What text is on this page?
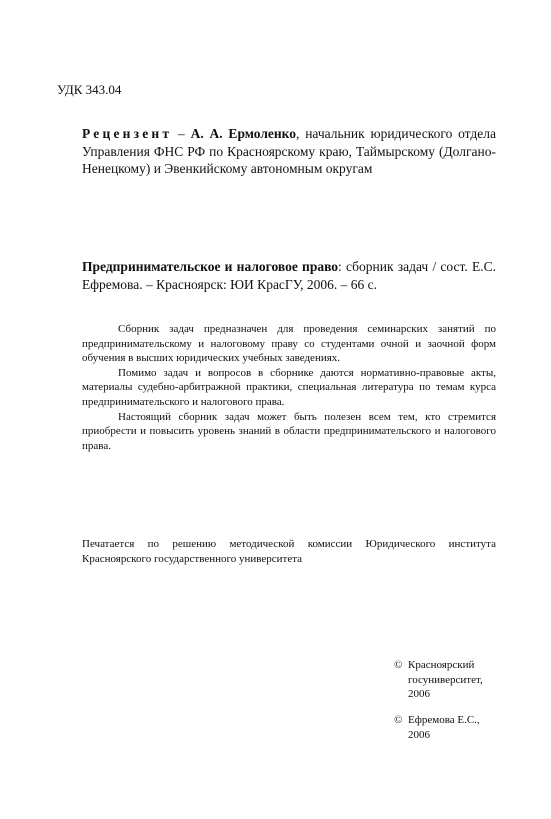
УДК 343.04
Рецензент – А. А. Ермоленко, начальник юридического отдела Управления ФНС РФ по Красноярскому краю, Таймырскому (Долгано-Ненецкому) и Эвенкийскому автономным округам
Предпринимательское и налоговое право: сборник задач / сост. Е.С. Ефремова. – Красноярск: ЮИ КрасГУ, 2006. – 66 с.

Сборник задач предназначен для проведения семинарских занятий по предпринимательскому и налоговому праву со студентами очной и заочной форм обучения в высших юридических учебных заведениях.

Помимо задач и вопросов в сборнике даются нормативно-правовые акты, материалы судебно-арбитражной практики, специальная литература по темам курса предпринимательского и налогового права.

Настоящий сборник задач может быть полезен всем тем, кто стремится приобрести и повысить уровень знаний в области предпринимательского и налогового права.

Печатается по решению методической комиссии Юридического института Красноярского государственного университета
© Красноярский
госуниверситет,
2006
© Ефремова Е.С.,
2006
